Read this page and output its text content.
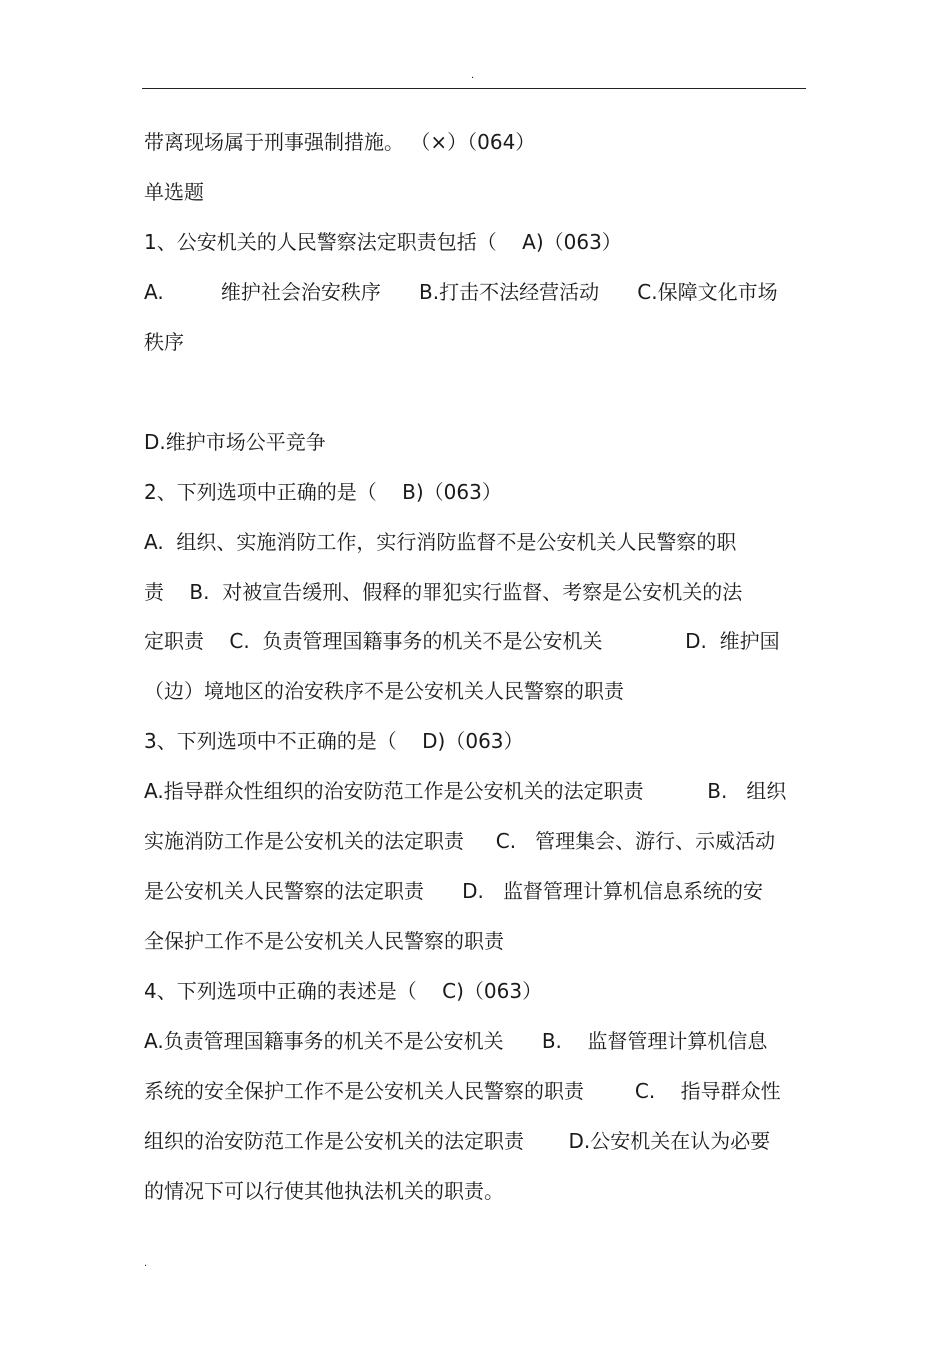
.
带离现场属于刑事强制措施。 （×）（064）
单选题
1、公安机关的人民警察法定职责包括（    A)（063）
A.         维护社会治安秩序      B.打击不法经营活动      C.保障文化市场
秩序
D.维护市场公平竞争
2、下列选项中正确的是（    B)（063）
A.  组织、实施消防工作，实行消防监督不是公安机关人民警察的职
责    B.  对被宣告缓刑、假释的罪犯实行监督、考察是公安机关的法
定职责    C.  负责管理国籍事务的机关不是公安机关             D.  维护国
（边）境地区的治安秩序不是公安机关人民警察的职责
3、下列选项中不正确的是（    D)（063）
A.指导群众性组织的治安防范工作是公安机关的法定职责          B.   组织
实施消防工作是公安机关的法定职责     C.   管理集会、游行、示威活动
是公安机关人民警察的法定职责      D.   监督管理计算机信息系统的安
全保护工作不是公安机关人民警察的职责
4、下列选项中正确的表述是（    C)（063）
A.负责管理国籍事务的机关不是公安机关      B.    监督管理计算机信息
系统的安全保护工作不是公安机关人民警察的职责        C.    指导群众性
组织的治安防范工作是公安机关的法定职责       D.公安机关在认为必要
的情况下可以行使其他执法机关的职责。
.
